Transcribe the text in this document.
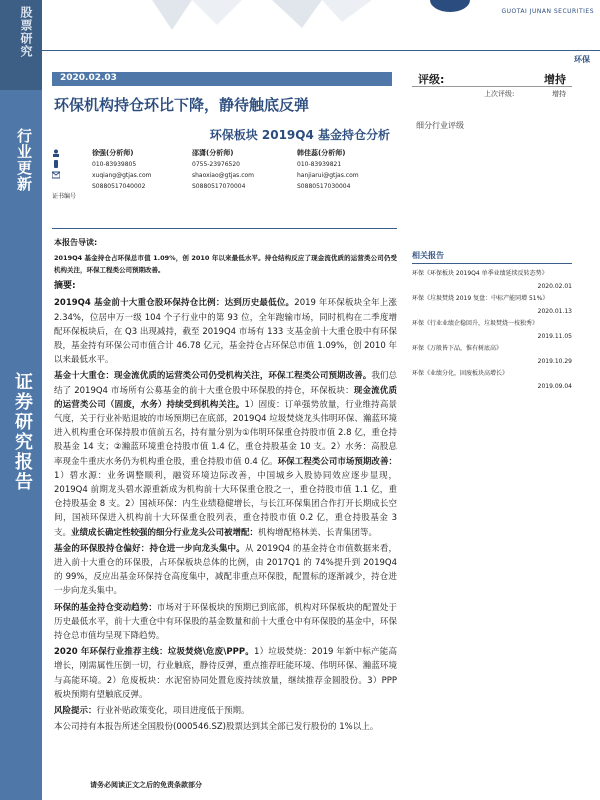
股票研究
行业更新
证券研究报告
GUOTAI JUNAN SECURITIES
环保
2020.02.03
环保机构持仓环比下降，静待触底反弹
环保板块 2019Q4 基金持仓分析
评级:	增持
上次评级:	增持
细分行业评级
证书编号
徐强(分析师)
010-83939805
xuqiang@gtjas.com
S0880517040002
邵潇(分析师)
0755-23976520
shaoxiao@gtjas.com
S0880517070004
韩佳蕊(分析师)
010-83939821
hanjiarui@gtjas.com
S0880517030004
相关报告
环保《环保板块 2019Q4 单季业绩延续反转态势》
2020.02.01
环保《垃圾焚烧 2019 复盘：中标产能同增 51%》
2020.01.13
环保《行业业绩企稳回升，垃圾焚烧一枝独秀》
2019.11.05
环保《万般皆下品，惟有树底高》
2019.10.29
环保《业绩分化，固废板块高增长》
2019.09.04
本报告导读:

2019Q4 基金持仓占环保总市值 1.09%，创 2010 年以来最低水平。持仓结构反应了现金流优质的运营类公司仍受机构关注，环保工程类公司预期改善。

摘要:

2019Q4 基金前十大重仓股环保持仓比例：达到历史最低位。2019 年环保板块全年上涨 2.34%，位居申万一级 104 个子行业中的第 93 位，全年跑输市场，同时机构在二季度增配环保板块后，在 Q3 出现减持，截至 2019Q4 市场有 133 支基金前十大重仓股中有环保股，基金持有环保公司市值合计 46.78 亿元，基金持仓占环保总市值 1.09%，创 2010 年以来最低水平。

基金十大重仓：现金流优质的运营类公司仍受机构关注，环保工程类公司预期改善。我们总结了 2019Q4 市场所有公募基金的前十大重仓股中环保股的持仓，环保板块：现金流优质的运营类公司（固废，水务）持续受到机构关注。1）固废：订单强势放量，行业维持高景气度，关于行业补贴退坡的市场预期已在底部，2019Q4 垃圾焚烧龙头伟明环保、瀚蓝环境进入机构重仓环保持股市值前五名，持有量分别为①伟明环保重仓持股市值 2.8 亿，重仓持股基金 14 支；②瀚蓝环境重仓持股市值 1.4 亿，重仓持股基金 10 支。2）水务：高股息率现金牛重庆水务仍为机构重仓股，重仓持股市值 0.4 亿。环保工程类公司市场预期改善：1）碧水源：业务调整顺利，融资环境边际改善，中国城乡入股协同效应逐步显现，2019Q4 前期龙头碧水源重新成为机构前十大环保重仓股之一，重仓持股市值 1.1 亿，重仓持股基金 8 支。2）国祯环保：内生业绩稳健增长，与长江环保集团合作打开长期成长空间，国祯环保进入机构前十大环保重仓股列表，重仓持股市值 0.2 亿，重仓持股基金 3 支。业绩成长确定性较强的细分行业龙头公司被增配：机构增配格林美、长青集团等。

基金的环保股持仓偏好：持仓进一步向龙头集中。从 2019Q4 的基金持仓市值数据来看，进入前十大重仓的环保股，占环保板块总体的比例，由 2017Q1 的 74%提升到 2019Q4 的 99%，反应出基金环保持仓高度集中，减配非重点环保股，配置标的逐渐减少，持仓进一步向龙头集中。

环保的基金持仓变动趋势：市场对于环保板块的预期已到底部，机构对环保板块的配置处于历史最低水平，前十大重仓中有环保股的基金数量和前十大重仓中有环保股的基金中，环保持仓总市值均呈现下降趋势。

2020 年环保行业推荐主线：垃圾焚烧\危废\PPP。1）垃圾焚烧：2019 年新中标产能高增长，刚需属性压倒一切，行业触底，静待反弹，重点推荐旺能环境、伟明环保、瀚蓝环境与高能环境。2）危废板块：水泥窑协同处置危废持续放量，继续推荐金圆股份。3）PPP 板块预期有望触底反弹。

风险提示：行业补贴政策变化，项目进度低于预期。

本公司持有本报告所述全国股份(000546.SZ)股票达到其全部已发行股份的 1%以上。

请务必阅读正文之后的免责条款部分
